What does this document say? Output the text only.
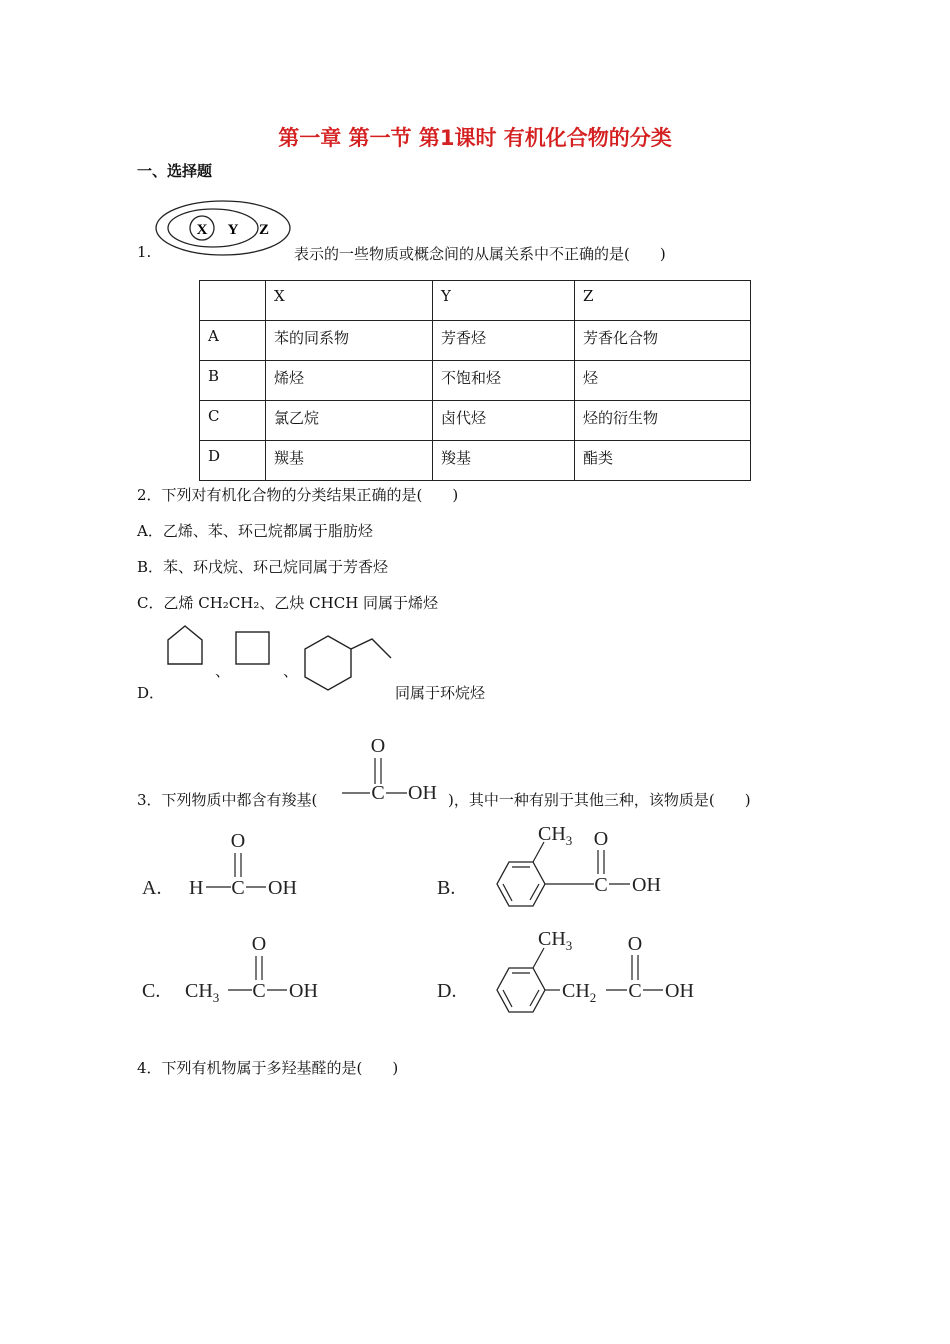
第一章 第一节 第1课时 有机化合物的分类
一、选择题
1.
X Y Z
表示的一些物质或概念间的从属关系中不正确的是(　　)
	X	Y	Z
A	苯的同系物	芳香烃	芳香化合物
B	烯烃	不饱和烃	烃
C	氯乙烷	卤代烃	烃的衍生物
D	羰基	羧基	酯类
2．下列对有机化合物的分类结果正确的是(　　)
A．乙烯、苯、环己烷都属于脂肪烃
B．苯、环戊烷、环己烷同属于芳香烃
C．乙烯 CH₂CH₂、乙炔 CHCH 同属于烯烃
、	、
D．	同属于环烷烃
3．下列物质中都含有羧基(
O
C OH )，其中一种有别于其他三种，该物质是(　　)
A. H C
O
OH	B.
$CH_3$
C
O
OH
C. $CH_3$ C
O
OH	D.
$CH_3$
$CH_2$ C
O
OH
4．下列有机物属于多羟基醛的是(　　)
